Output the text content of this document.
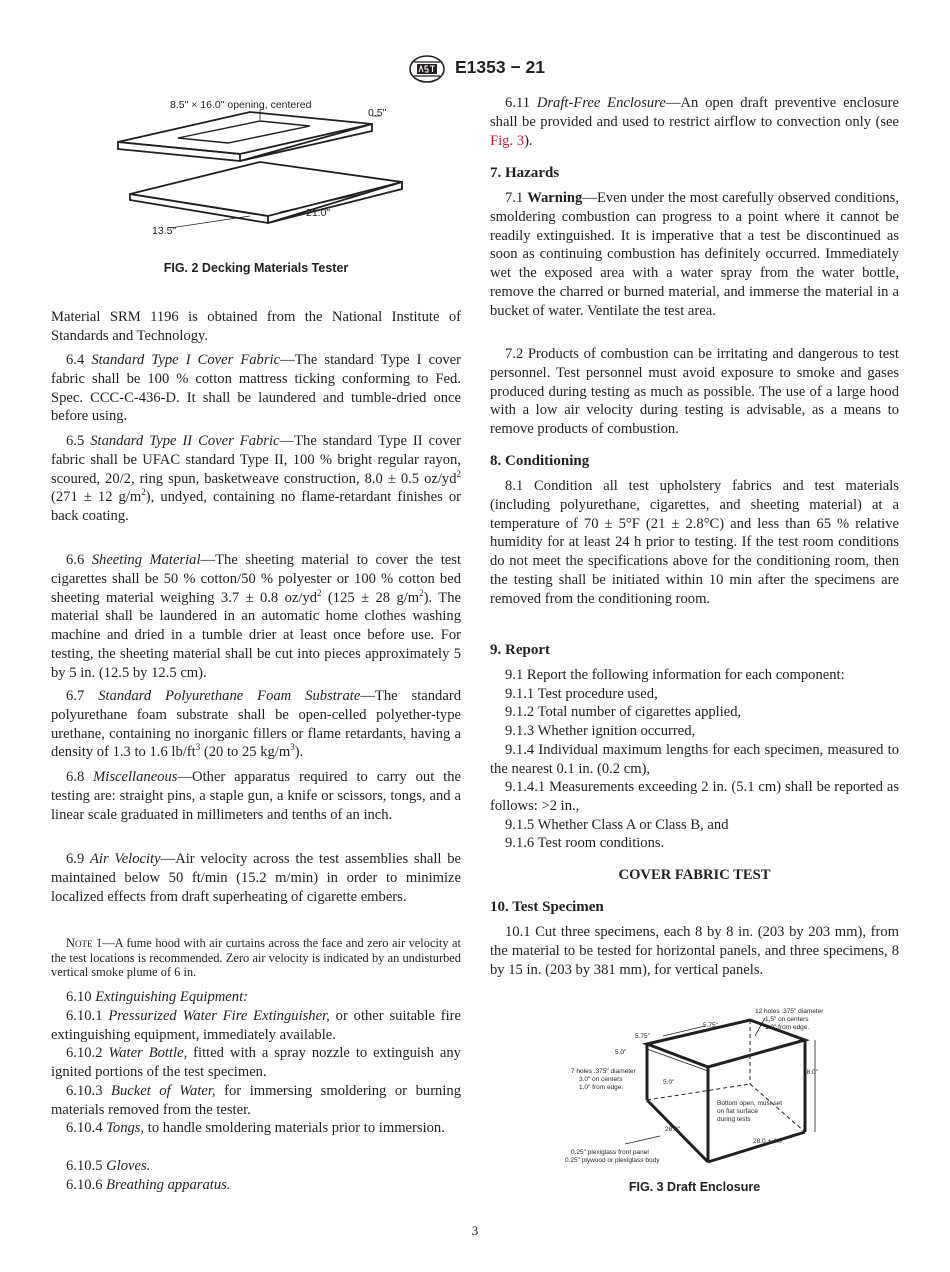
E1353 − 21
8.5" × 16.0" opening, centered
0.5"
21.0"
13.5"
FIG. 2 Decking Materials Tester
Material SRM 1196 is obtained from the National Institute of Standards and Technology.
6.4 Standard Type I Cover Fabric—The standard Type I cover fabric shall be 100 % cotton mattress ticking conforming to Fed. Spec. CCC-C-436-D. It shall be laundered and tumble-dried once before using.
6.5 Standard Type II Cover Fabric—The standard Type II cover fabric shall be UFAC standard Type II, 100 % bright regular rayon, scoured, 20/2, ring spun, basketweave construction, 8.0 ± 0.5 $oz/yd^2$ (271 ± 12 $g/m^2$), undyed, containing no flame-retardant finishes or back coating.
6.6 Sheeting Material—The sheeting material to cover the test cigarettes shall be 50 % cotton/50 % polyester or 100 % cotton bed sheeting material weighing 3.7 ± 0.8 $oz/yd^2$ (125 ± 28 $g/m^2$). The material shall be laundered in an automatic home clothes washing machine and dried in a tumble drier at least once before use. For testing, the sheeting material shall be cut into pieces approximately 5 by 5 in. (12.5 by 12.5 cm).
6.7 Standard Polyurethane Foam Substrate—The standard polyurethane foam substrate shall be open-celled polyether-type urethane, containing no inorganic fillers or flame retardants, having a density of 1.3 to 1.6 $lb/ft^3$ (20 to 25 $kg/m^3$).
6.8 Miscellaneous—Other apparatus required to carry out the testing are: straight pins, a staple gun, a knife or scissors, tongs, and a linear scale graduated in millimeters and tenths of an inch.
6.9 Air Velocity—Air velocity across the test assemblies shall be maintained below 50 ft/min (15.2 m/min) in order to minimize localized effects from draft superheating of cigarette embers.
Note 1—A fume hood with air curtains across the face and zero air velocity at the test locations is recommended. Zero air velocity is indicated by an undisturbed vertical smoke plume of 6 in.
6.10 Extinguishing Equipment:
6.10.1 Pressurized Water Fire Extinguisher, or other suitable fire extinguishing equipment, immediately available.
6.10.2 Water Bottle, fitted with a spray nozzle to extinguish any ignited portions of the test specimen.
6.10.3 Bucket of Water, for immersing smoldering or burning materials removed from the tester.
6.10.4 Tongs, to handle smoldering materials prior to immersion.
6.10.5 Gloves.
6.10.6 Breathing apparatus.
6.11 Draft-Free Enclosure—An open draft preventive enclosure shall be provided and used to restrict airflow to convection only (see Fig. 3).
7. Hazards
7.1 Warning—Even under the most carefully observed conditions, smoldering combustion can progress to a point where it cannot be readily extinguished. It is imperative that a test be discontinued as soon as continuing combustion has definitely occurred. Immediately wet the exposed area with a water spray from the water bottle, remove the charred or burned material, and immerse the material in a bucket of water. Ventilate the test area.
7.2 Products of combustion can be irritating and dangerous to test personnel. Test personnel must avoid exposure to smoke and gases produced during testing as much as possible. The use of a large hood with a low air velocity during testing is advisable, as a means to remove products of combustion.
8. Conditioning
8.1 Condition all test upholstery fabrics and test materials (including polyurethane, cigarettes, and sheeting material) at a temperature of 70 ± 5°F (21 ± 2.8°C) and less than 65 % relative humidity for at least 24 h prior to testing. If the test room conditions do not meet the specifications above for the conditioning room, then the testing shall be initiated within 10 min after the specimens are removed from the conditioning room.
9. Report
9.1 Report the following information for each component:
9.1.1 Test procedure used,
9.1.2 Total number of cigarettes applied,
9.1.3 Whether ignition occurred,
9.1.4 Individual maximum lengths for each specimen, measured to the nearest 0.1 in. (0.2 cm),
9.1.4.1 Measurements exceeding 2 in. (5.1 cm) shall be reported as follows: >2 in.,
9.1.5 Whether Class A or Class B, and
9.1.6 Test room conditions.
COVER FABRIC TEST
10. Test Specimen
10.1 Cut three specimens, each 8 by 8 in. (203 by 203 mm), from the material to be tested for horizontal panels, and three specimens, 8 by 15 in. (203 by 381 mm), for vertical panels.
12 holes .375" diameter
1.5" on centers
1.0" from edge.
5.75"
5.75"
5.0"
5.0"
7 holes .375" diameter
3.0" on centers
1.0" from edge.
18.0"
Bottom open, must set
on flat surface
during tests
28.0"
28.0 ± 4.0"
0.25" plexiglass front panel
0.25" plywood or plexiglass body
FIG. 3 Draft Enclosure
3
